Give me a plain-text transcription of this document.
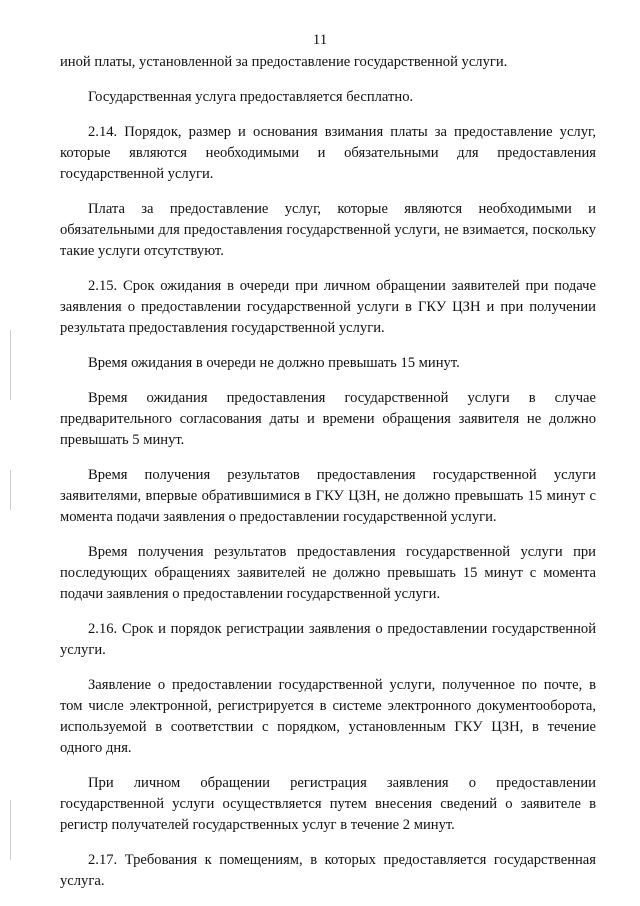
11

иной платы, установленной за предоставление государственной услуги.

Государственная услуга предоставляется бесплатно.

2.14. Порядок, размер и основания взимания платы за предоставление услуг, которые являются необходимыми и обязательными для предоставления государственной услуги.

Плата за предоставление услуг, которые являются необходимыми и обязательными для предоставления государственной услуги, не взимается, поскольку такие услуги отсутствуют.

2.15. Срок ожидания в очереди при личном обращении заявителей при подаче заявления о предоставлении государственной услуги в ГКУ ЦЗН и при получении результата предоставления государственной услуги.

Время ожидания в очереди не должно превышать 15 минут.

Время ожидания предоставления государственной услуги в случае предварительного согласования даты и времени обращения заявителя не должно превышать 5 минут.

Время получения результатов предоставления государственной услуги заявителями, впервые обратившимися в ГКУ ЦЗН, не должно превышать 15 минут с момента подачи заявления о предоставлении государственной услуги.

Время получения результатов предоставления государственной услуги при последующих обращениях заявителей не должно превышать 15 минут с момента подачи заявления о предоставлении государственной услуги.

2.16. Срок и порядок регистрации заявления о предоставлении государственной услуги.

Заявление о предоставлении государственной услуги, полученное по почте, в том числе электронной, регистрируется в системе электронного документооборота, используемой в соответствии с порядком, установленным ГКУ ЦЗН, в течение одного дня.

При личном обращении регистрация заявления о предоставлении государственной услуги осуществляется путем внесения сведений о заявителе в регистр получателей государственных услуг в течение 2 минут.

2.17. Требования к помещениям, в которых предоставляется государственная услуга.
